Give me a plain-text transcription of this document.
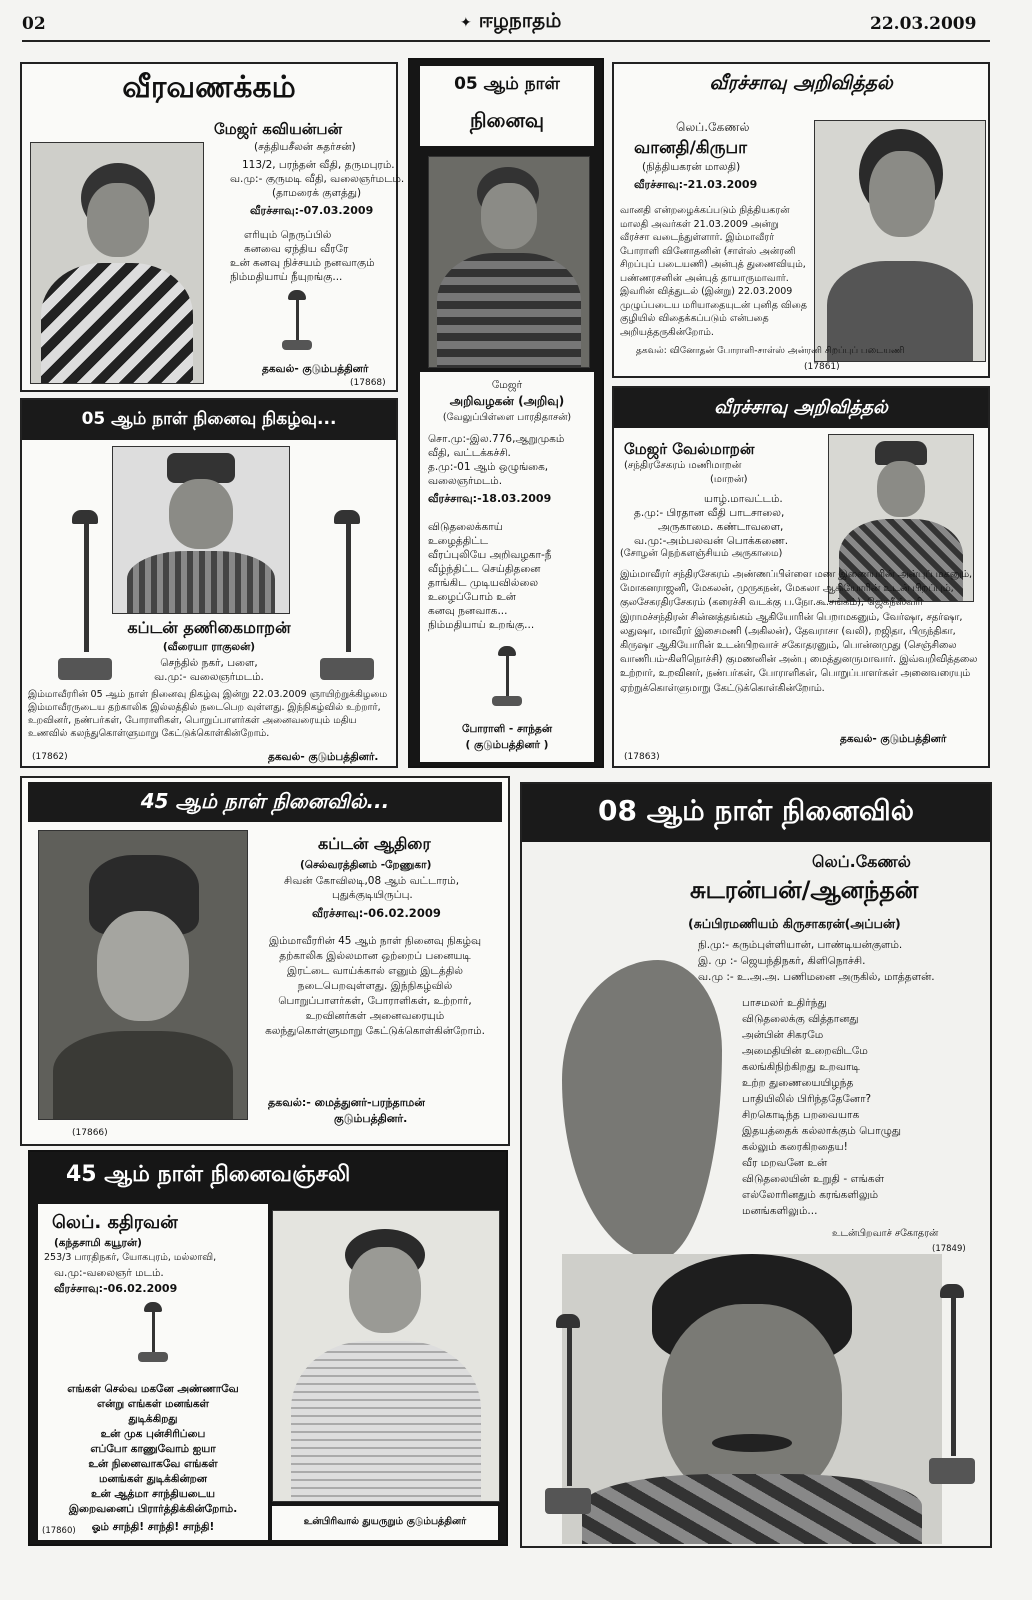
02	✦ ஈழநாதம்	22.03.2009
வீரவணக்கம்
மேஜர் கவியன்பன்
(சத்தியசீலன் சுதர்சன்)
113/2, பரந்தன் வீதி, தருமபுரம்.
வ.மு:- குருமடி வீதி, வலைஞர்மடம்.
(தாமரைக் குளத்து)
வீரச்சாவு:-07.03.2009
எரியும் நெருப்பில்
கனவை ஏந்திய வீரரே
உன் கனவு நிச்சயம் நனவாகும்
நிம்மதியாய் நீயுறங்கு...
தகவல்- குடும்பத்தினர்
(17868)
05 ஆம் நாள்
நினைவு
மேஜர்
அறிவழகன் (அறிவு)
(வேலுப்பிள்ளை பாரதிதாசன்)
சொ.மு:-இல.776,ஆறுமுகம்
வீதி, வட்டக்கச்சி.
த.மு:-01 ஆம் ஒழுங்கை,
வலைஞர்மடம்.
வீரச்சாவு:-18.03.2009
விடுதலைக்காய்
உழைத்திட்ட
வீரப்புலியே அறிவழகா-நீ
வீழ்ந்திட்ட செய்திதனை
தாங்கிட முடியவில்லை
உழைப்போம் உன்
கனவு நனவாக...
நிம்மதியாய் உறங்கு...
போராளி - சாந்தன்
( குடும்பத்தினர் )
வீரச்சாவு அறிவித்தல்
லெப்.கேணல்
வானதி/கிருபா
(நித்தியகரன் மாலதி)
வீரச்சாவு:-21.03.2009
வானதி என்றழைக்கப்படும் நித்தியகரன் மாலதி அவர்கள் 21.03.2009 அன்று வீரச்சா வடைந்துள்ளார். இம்மாவீரர் போராளி வினோதனின் (சாள்ஸ் அன்ரனி சிறப்புப் படையணி) அன்புத் துணைவியும், பண்ணரசனின் அன்புத் தாயாருமாவார். இவரின் வித்துடல் (இன்று) 22.03.2009 முழுப்படைய மரியாதையுடன் புனித விதை குழியில் விதைக்கப்படும் என்பதை அறியத்தருகின்றோம்.
தகவல்: வினோதன் போராளி-சாள்ஸ் அன்ரனி சிறப்புப் படையணி
(17861)
05 ஆம் நாள் நினைவு நிகழ்வு...
கப்டன் தணிகைமாறன்
(வீரையா ராகுலன்)
செந்தில் நகர், பளை,
வ.மு:- வலைஞர்மடம்.
இம்மாவீரரின் 05 ஆம் நாள் நினைவு நிகழ்வு இன்று 22.03.2009 ஞாயிற்றுக்கிழமை இம்மாவீரருடைய தற்காலிக இல்லத்தில் நடைபெற வுள்ளது. இந்நிகழ்வில் உற்றார், உறவினர், நண்பர்கள், போராளிகள், பொறுப்பாளர்கள் அனைவரையும் மதிய உணவில் கலந்துகொள்ளுமாறு கேட்டுக்கொள்கின்றோம்.
(17862)	தகவல்- குடும்பத்தினர்.
வீரச்சாவு அறிவித்தல்
மேஜர் வேல்மாறன்
(சந்திரசேகரம் மணிமாறன்
(மாறன்)
யாழ்.மாவட்டம்.
த.மு:- பிரதான வீதி பாடசாலை,
அருகாமை. கண்டாவளை,
வ.மு:-அம்பலவன் பொக்கணை.
(சோழன் நெற்களஞ்சியம் அருகாமை)
இம்மாவீரர் சந்திரசேகரம் அண்ணப்பிள்ளை மண இணையரின் அன்புப் மகனும், மோகனராஜனி, மேகலன், முருகநன், மேகலா ஆகியோரின் உடன் பிறப்பும், குலசேகரதிரசேகரம் (கரைச்சி வடக்கு ப.நோ.கூ.சங்கம்), ஜெகநீஸ்வரி இராமச்சந்திரன் சின்னத்தங்கம் ஆகியோரின் பெறாமகனும், வேர்ஷா, சதர்ஷா, லதுஷா, மாவீரர் இசைமணி (அகிலன்), தேவராசா (வலி), றஜிதா, பிருந்திகா, கிருஷா ஆகியோரின் உடன்பிறவாச் சகோதரனும், பொன்னமுது (செஞ்சிலை வாணிபம்-கிளிநொச்சி) குமணனின் அன்பு மைத்துனருமாவார். இவ்வறிவித்தலை உற்றார், உறவினர், நண்பர்கள், போராளிகள், பொறுப்பாளர்கள் அனைவரையும் ஏற்றுக்கொள்ளுமாறு கேட்டுக்கொள்கின்றோம்.
(17863)
தகவல்- குடும்பத்தினர்
45 ஆம் நாள் நினைவில்...
கப்டன் ஆதிரை
(செல்வரத்தினம் -றேணுகா)
சிவன் கோவிலடி,08 ஆம் வட்டாரம்,
புதுக்குடியிருப்பு.
வீரச்சாவு:-06.02.2009
இம்மாவீரரின் 45 ஆம் நாள் நினைவு நிகழ்வு தற்காலிக இல்லமான ஒற்றைப் பனையடி இரட்டை வாய்க்கால் எனும் இடத்தில் நடைபெறவுள்ளது. இந்நிகழ்வில் பொறுப்பாளர்கள், போராளிகள், உற்றார், உறவினர்கள் அனைவரையும் கலந்துகொள்ளுமாறு கேட்டுக்கொள்கின்றோம்.
தகவல்:- மைத்துனர்-பரந்தாமன்
குடும்பத்தினர்.
(17866)
45 ஆம் நாள் நினைவஞ்சலி
லெப். கதிரவன்
(கந்தசாமி கயூரன்)
253/3 பாரதிநகர், யோகபுரம், மல்லாவி,
வ.மு:-வலைஞர் மடம்.
வீரச்சாவு:-06.02.2009
எங்கள் செல்வ மகனே அண்ணாவே
என்று எங்கள் மனங்கள்
துடிக்கிறது
உன் முக புன்சிரிப்பை
எப்போ காணுவோம் ஐயா
உன் நினைவாகவே எங்கள்
மனங்கள் துடிக்கின்றன
உன் ஆத்மா சாந்தியடைய
இறைவனைப் பிரார்த்திக்கின்றோம்.
ஓம் சாந்தி! சாந்தி! சாந்தி!
(17860)
உன்பிரிவால் துயருறும் குடும்பத்தினர்
08 ஆம் நாள் நினைவில்
லெப்.கேணல்
சுடரன்பன்/ஆனந்தன்
(சுப்பிரமணியம் கிருசாகரன்(அப்பன்)
நி.மு:- கரும்புள்ளியான், பாண்டியன்குளம்.
இ. மு :- ஜெயந்திநகர், கிளிநொச்சி.
வ.மு :- உ.அ.அ. பணிமனை அருகில், மாத்தளன்.
பாசமலர் உதிர்ந்து
விடுதலைக்கு வித்தானது
அன்பின் சிகரமே
அமைதியின் உறைவிடமே
கலங்கிநிற்கிறது உறவாடி
உற்ற துணையையிழந்த
பாதியிலில் பிரிந்ததேனோ?
சிறகொடிந்த பறவையாக
இதயத்தைக் கல்லாக்கும் பொழுது
கல்லும் கரைகிறதைய!
வீர மறவனே உன்
விடுதலையின் உறுதி - எங்கள்
எல்லோரினதும் கரங்களிலும்
மனங்களிலும்...
உடன்பிறவாச் சகோதரன்
(17849)
